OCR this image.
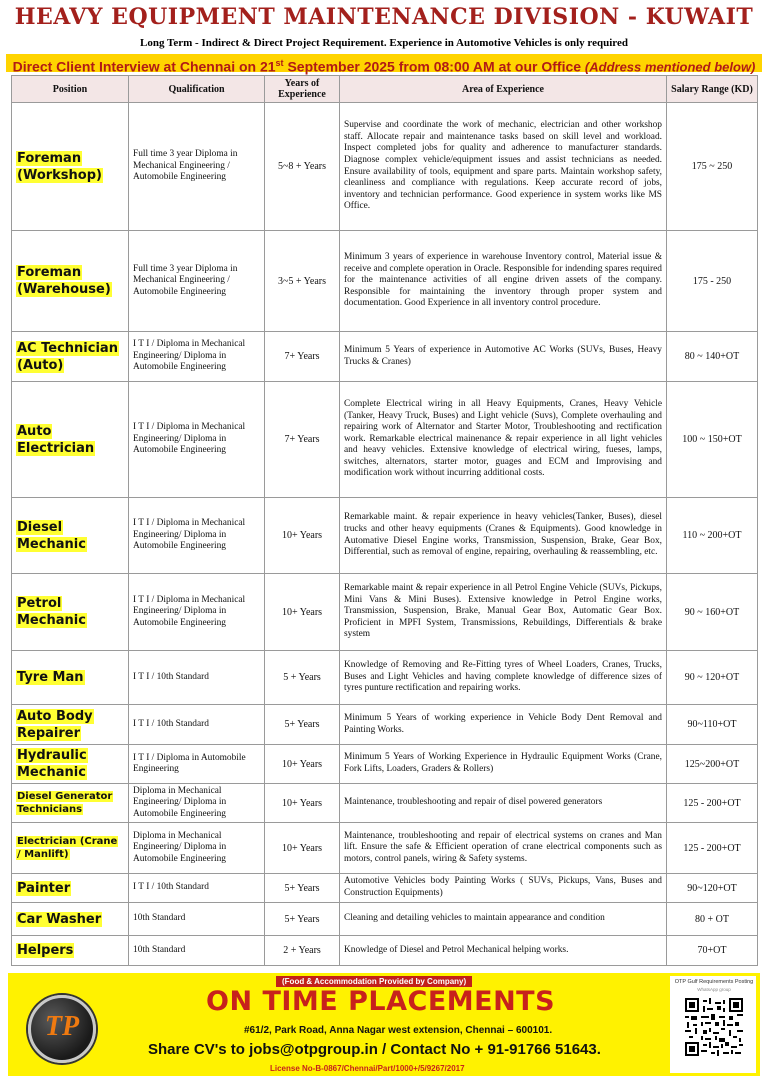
HEAVY EQUIPMENT MAINTENANCE DIVISION - KUWAIT
Long Term - Indirect & Direct Project Requirement. Experience in Automotive Vehicles is only required
Direct Client Interview at Chennai on 21st September 2025 from 08:00 AM at our Office (Address mentioned below)
Position	Qualification	Years of Experience	Area of Experience	Salary Range (KD)
Foreman (Workshop)	Full time 3 year Diploma in Mechanical Engineering / Automobile Engineering	5~8 + Years	Supervise and coordinate the work of mechanic, electrician and other workshop staff. Allocate repair and maintenance tasks based on skill level and workload. Inspect completed jobs for quality and adherence to manufacturer standards. Diagnose complex vehicle/equipment issues and assist technicians as needed. Ensure availability of tools, equipment and spare parts. Maintain workshop safety, cleanliness and compliance with regulations. Keep accurate record of jobs, inventory and technician performance. Good experience in system works like MS Office.	175 ~ 250
Foreman (Warehouse)	Full time 3 year Diploma in Mechanical Engineering / Automobile Engineering	3~5 + Years	Minimum 3 years of experience in warehouse Inventory control, Material issue & receive and complete operation in Oracle. Responsible for indending spares required for the maintenance activities of all engine driven assets of the company. Responsible for maintaining the inventory through proper system and documentation. Good Experience in all inventory control procedure.	175 - 250
AC Technician (Auto)	I T I / Diploma in Mechanical Engineering/ Diploma in Automobile Engineering	7+ Years	Minimum 5 Years of experience in Automotive AC Works (SUVs, Buses, Heavy Trucks & Cranes)	80 ~ 140+OT
Auto Electrician	I T I / Diploma in Mechanical Engineering/ Diploma in Automobile Engineering	7+ Years	Complete Electrical wiring in all Heavy Equipments, Cranes, Heavy Vehicle (Tanker, Heavy Truck, Buses) and Light vehicle (Suvs), Complete overhauling and repairing work of Alternator and Starter Motor, Troubleshooting and rectification work. Remarkable electrical mainenance & repair experience in all light vehicles and heavy vehicles. Extensive knowledge of electrical wiring, fueses, lamps, switches, alternators, starter motor, guages and ECM and Improvising and modification work without incurring additional costs.	100 ~ 150+OT
Diesel Mechanic	I T I / Diploma in Mechanical Engineering/ Diploma in Automobile Engineering	10+ Years	Remarkable maint. & repair experience in heavy vehicles(Tanker, Buses), diesel trucks and other heavy equipments (Cranes & Equipments). Good knowledge in Automative Diesel Engine works, Transmission, Suspension, Brake, Gear Box, Differential, such as removal of engine, repairing, overhauling & reassembling, etc.	110 ~ 200+OT
Petrol Mechanic	I T I / Diploma in Mechanical Engineering/ Diploma in Automobile Engineering	10+ Years	Remarkable maint & repair experience in all Petrol Engine Vehicle (SUVs, Pickups, Mini Vans & Mini Buses). Extensive knowledge in Petrol Engine works, Transmission, Suspension, Brake, Manual Gear Box, Automatic Gear Box. Proficient in MPFI System, Transmissions, Rebuildings, Differentials & brake system	90 ~ 160+OT
Tyre Man	I T I / 10th Standard	5 + Years	Knowledge of Removing and Re-Fitting tyres of Wheel Loaders, Cranes, Trucks, Buses and Light Vehicles and having complete knowledge of difference sizes of tyres punture rectification and repairing works.	90 ~ 120+OT
Auto Body Repairer	I T I / 10th Standard	5+ Years	Minimum 5 Years of working experience in Vehicle Body Dent Removal and Painting Works.	90~110+OT
Hydraulic Mechanic	I T I / Diploma in Automobile Engineering	10+ Years	Minimum 5 Years of Working Experience in Hydraulic Equipment Works (Crane, Fork Lifts, Loaders, Graders & Rollers)	125~200+OT
Diesel Generator Technicians	Diploma in Mechanical Engineering/ Diploma in Automobile Engineering	10+ Years	Maintenance, troubleshooting and repair of disel powered generators	125 - 200+OT
Electrician (Crane / Manlift)	Diploma in Mechanical Engineering/ Diploma in Automobile Engineering	10+ Years	Maintenance, troubleshooting and repair of electrical systems on cranes and Man lift. Ensure the safe & Efficient operation of crane electrical components such as motors, control panels, wiring & Safety systems.	125 - 200+OT
Painter	I T I / 10th Standard	5+ Years	Automotive Vehicles body Painting Works ( SUVs, Pickups, Vans, Buses and Construction Equipments)	90~120+OT
Car Washer	10th Standard	5+ Years	Cleaning and detailing vehicles to maintain appearance and condition	80 + OT
Helpers	10th Standard	2 + Years	Knowledge of Diesel and Petrol Mechanical helping works.	70+OT
(Food & Accommodation Provided by Company)
TP
ON TIME PLACEMENTS
#61/2, Park Road, Anna Nagar west extension, Chennai – 600101.
Share CV's to jobs@otpgroup.in / Contact No + 91-91766 51643.
License No-B-0867/Chennai/Part/1000+/5/9267/2017
OTP Gulf Requirements Posting
WhatsApp group
